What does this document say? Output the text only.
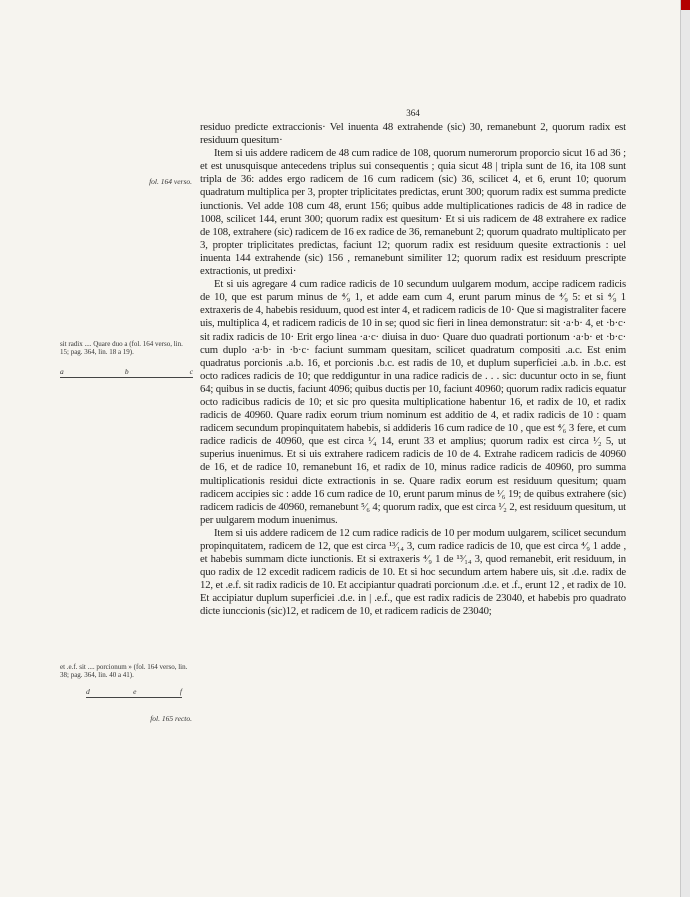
364
fol. 164 verso.
sit radix .... Quare duo a (fol. 164 verso, lin. 15; pag. 364, lin. 18 a 19).
a	b	c
et .e.f. sit .... porcionum » (fol. 164 verso, lin. 38; pag. 364, lin. 40 a 41).
d	e	f
fol. 165 recto.

residuo predicte extraccionis· Vel inuenta 48 extrahende (sic) 30, remanebunt 2, quorum radix est residuum quesitum·

Item si uis addere radicem de 48 cum radice de 108, quorum numerorum proporcio sicut 16 ad 36 ; et est unusquisque antecedens triplus sui consequentis ; quia sicut 48 | tripla sunt de 16, ita 108 sunt tripla de 36: addes ergo radicem de 16 cum radicem (sic) 36, scilicet 4, et 6, erunt 10; quorum quadratum multiplica per 3, propter triplicitates predictas, erunt 300; quorum radix est summa predicte iunctionis. Vel adde 108 cum 48, erunt 156; quibus adde multiplicationes radicis de 48 in radice de 1008, scilicet 144, erunt 300; quorum radix est quesitum· Et si uis radicem de 48 extrahere ex radice de 108, extrahere (sic) radicem de 16 ex radice de 36, remanebunt 2; quorum quadrato multiplicato per 3, propter triplicitates predictas, faciunt 12; quorum radix est residuum quesite extractionis : uel inuenta 144 extrahende (sic) 156 , remanebunt similiter 12; quorum radix est residuum prescripte extractionis, ut predixi·

Et si uis agregare 4 cum radice radicis de 10 secundum uulgarem modum, accipe radicem radicis de 10, que est parum minus de ⁴⁄₉ 1, et adde eam cum 4, erunt parum minus de ⁴⁄₉ 5: et si ⁴⁄₉ 1 extraxeris de 4, habebis residuum, quod est inter 4, et radicem radicis de 10· Que si magistraliter facere uis, multiplica 4, et radicem radicis de 10 in se; quod sic fieri in linea demonstratur: sit ·a·b· 4, et ·b·c· sit radix radicis de 10· Erit ergo linea ·a·c· diuisa in duo· Quare duo quadrati portionum ·a·b· et ·b·c· cum duplo ·a·b· in ·b·c· faciunt summam quesitam, scilicet quadratum compositi .a.c. Est enim quadratus porcionis .a.b. 16, et porcionis .b.c. est radis de 10, et duplum superficiei .a.b. in .b.c. est octo radices radicis de 10; que reddiguntur in una radice radicis de . . . sic: ducuntur octo in se, fiunt 64; quibus in se ductis, faciunt 4096; quibus ductis per 10, faciunt 40960; quorum radix radicis equatur octo radicibus radicis de 10; et sic pro quesita multiplicatione habentur 16, et radix de 10, et radix radicis de 40960. Quare radix eorum trium nominum est additio de 4, et radix radicis de 10 : quam radicem secundum propinquitatem habebis, si addideris 16 cum radice de 10 , que est ⁴⁄₆ 3 fere, et cum radice radicis de 40960, que est circa ¹⁄₄ 14, erunt 33 et amplius; quorum radix est circa ¹⁄₂ 5, ut superius inuenimus. Et si uis extrahere radicem radicis de 10 de 4. Extrahe radicem radicis de 40960 de 16, et de radice 10, remanebunt 16, et radix de 10, minus radice radicis de 40960, pro summa multiplicationis residui dicte extractionis in se. Quare radix eorum est residuum quesitum; quam radicem accipies sic : adde 16 cum radice de 10, erunt parum minus de ¹⁄₆ 19; de quibus extrahere (sic) radicem radicis de 40960, remanebunt ⁵⁄₆ 4; quorum radix, que est circa ¹⁄₂ 2, est residuum quesitum, ut per uulgarem modum inuenimus.

Item si uis addere radicem de 12 cum radice radicis de 10 per modum uulgarem, scilicet secundum propinquitatem, radicem de 12, que est circa ¹³⁄₁₄ 3, cum radice radicis de 10, que est circa ⁴⁄₉ 1 adde , et habebis summam dicte iunctionis. Et si extraxeris ⁴⁄₉ 1 de ¹³⁄₁₄ 3, quod remanebit, erit residuum, in quo radix de 12 excedit radicem radicis de 10. Et si hoc secundum artem habere uis, sit .d.e. radix de 12, et .e.f. sit radix radicis de 10. Et accipiantur quadrati porcionum .d.e. et .f., erunt 12 , et radix de 10. Et accipiatur duplum superficiei .d.e. in | .e.f., que est radix radicis de 23040, et habebis pro quadrato dicte iunccionis (sic)12, et radicem de 10, et radicem radicis de 23040;
